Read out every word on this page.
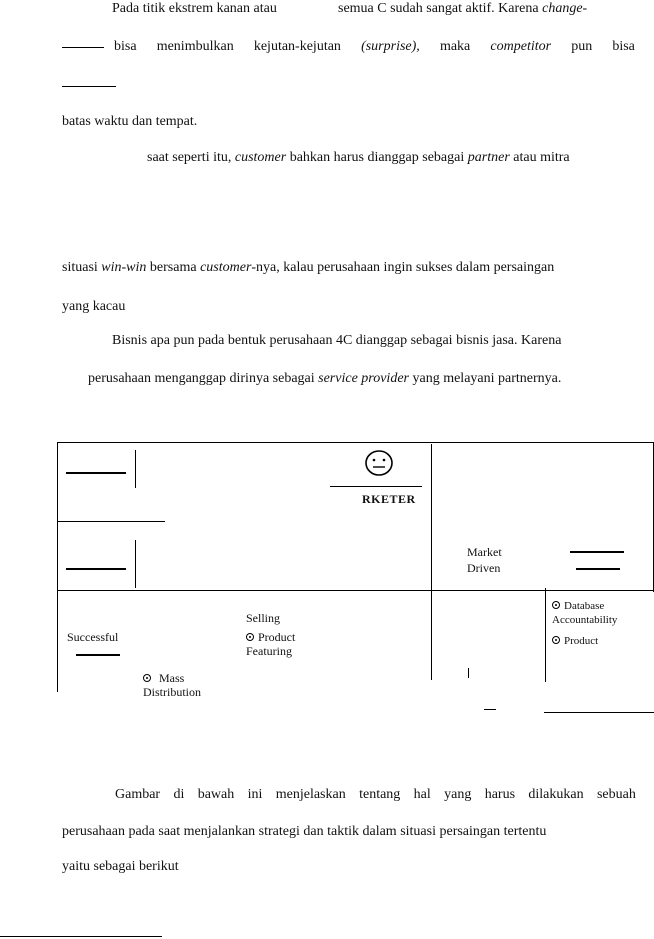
Pada titik ekstrem kanan atau	semua C sudah sangat aktif. Karena change-
bisa menimbulkan kejutan-kejutan (surprise), maka competitor pun bisa
batas waktu dan tempat.
saat seperti itu, customer bahkan harus dianggap sebagai partner atau mitra
situasi win-win bersama customer-nya, kalau perusahaan ingin sukses dalam persaingan
yang kacau
Bisnis apa pun pada bentuk perusahaan 4C dianggap sebagai bisnis jasa. Karena
perusahaan menganggap dirinya sebagai service provider yang melayani partnernya.
RKETER
Market
Driven
Successful
Selling
Product
Featuring
Mass
Distribution
Database
Accountability
Product
Gambar di bawah ini menjelaskan tentang hal yang harus dilakukan sebuah
perusahaan pada saat menjalankan strategi dan taktik dalam situasi persaingan tertentu
yaitu sebagai berikut
